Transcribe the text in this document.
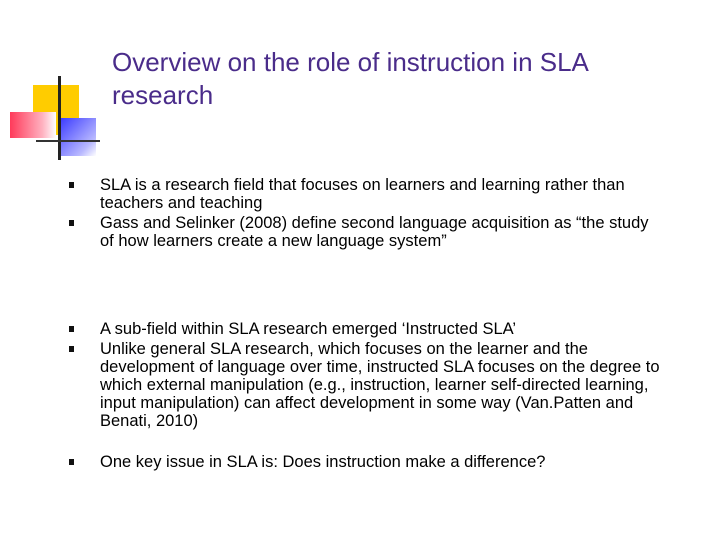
Overview on the role of instruction in SLA research
SLA is a research field that focuses on learners and learning rather than teachers and teaching
Gass and Selinker (2008) define second language acquisition as “the study of how learners create a new language system”
A sub-field within SLA research emerged ‘Instructed SLA’
Unlike general SLA research, which focuses on the learner and the development of language over time, instructed SLA focuses on the degree to which external manipulation (e.g., instruction, learner self-directed learning, input manipulation) can affect development in some way (Van.Patten and Benati, 2010)
One key issue in SLA is: Does instruction make a difference?
